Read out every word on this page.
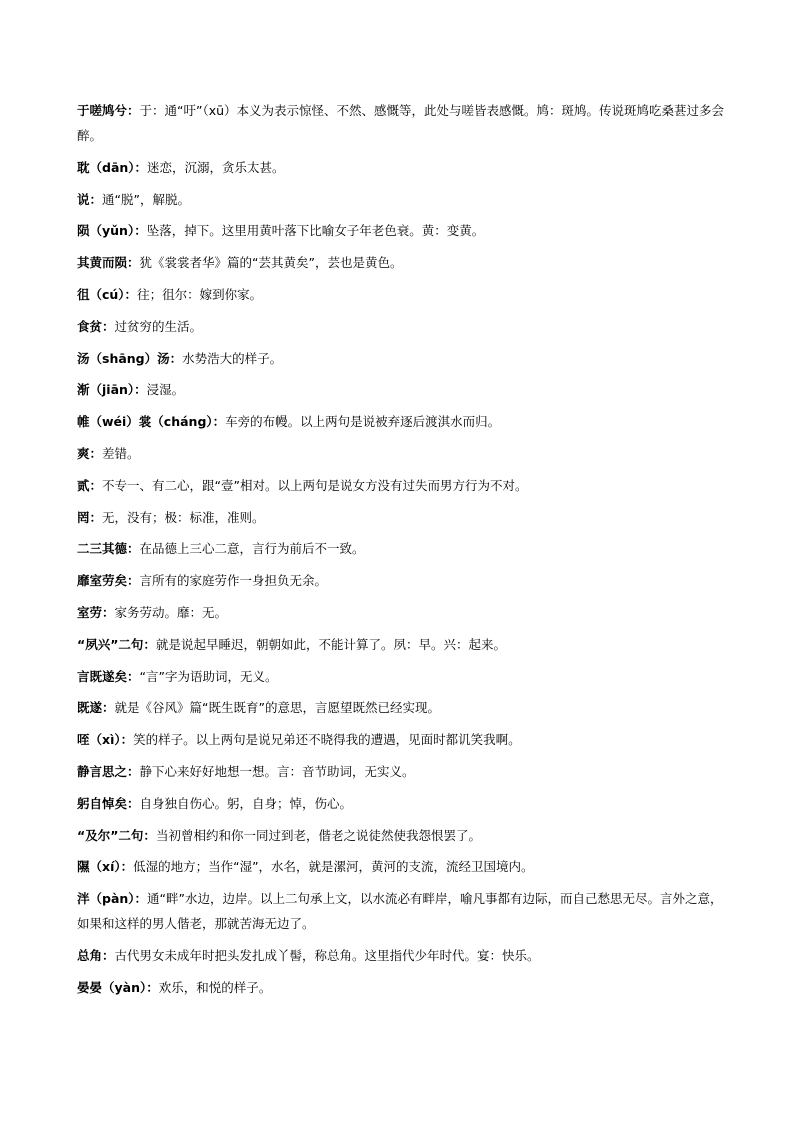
于嗟鸠兮：于：通“吁”（xū）本义为表示惊怪、不然、感慨等，此处与嗟皆表感慨。鸠：斑鸠。传说斑鸠吃桑葚过多会醉。

耽（dān）：迷恋，沉溺，贪乐太甚。

说：通“脱”，解脱。

陨（yǔn）：坠落，掉下。这里用黄叶落下比喻女子年老色衰。黄：变黄。

其黄而陨：犹《裳裳者华》篇的“芸其黄矣”，芸也是黄色。

徂（cú）：往；徂尔：嫁到你家。

食贫：过贫穷的生活。

汤（shāng）汤：水势浩大的样子。

渐（jiān）：浸湿。

帷（wéi）裳（cháng）：车旁的布幔。以上两句是说被弃逐后渡淇水而归。

爽：差错。

贰：不专一、有二心，跟“壹”相对。以上两句是说女方没有过失而男方行为不对。

罔：无，没有；极：标准，准则。

二三其德：在品德上三心二意，言行为前后不一致。

靡室劳矣：言所有的家庭劳作一身担负无余。

室劳：家务劳动。靡：无。

“夙兴”二句：就是说起早睡迟，朝朝如此，不能计算了。夙：早。兴：起来。

言既遂矣：“言”字为语助词，无义。

既遂：就是《谷风》篇“既生既育”的意思，言愿望既然已经实现。

咥（xì）：笑的样子。以上两句是说兄弟还不晓得我的遭遇，见面时都讥笑我啊。

静言思之：静下心来好好地想一想。言：音节助词，无实义。

躬自悼矣：自身独自伤心。躬，自身；悼，伤心。

“及尔”二句：当初曾相约和你一同过到老，偕老之说徒然使我怨恨罢了。

隰（xí）：低湿的地方；当作“湿”，水名，就是漯河，黄河的支流，流经卫国境内。

泮（pàn）：通“畔”水边，边岸。以上二句承上文，以水流必有畔岸，喻凡事都有边际，而自己愁思无尽。言外之意，如果和这样的男人偕老，那就苦海无边了。

总角：古代男女未成年时把头发扎成丫髻，称总角。这里指代少年时代。宴：快乐。

晏晏（yàn）：欢乐，和悦的样子。
